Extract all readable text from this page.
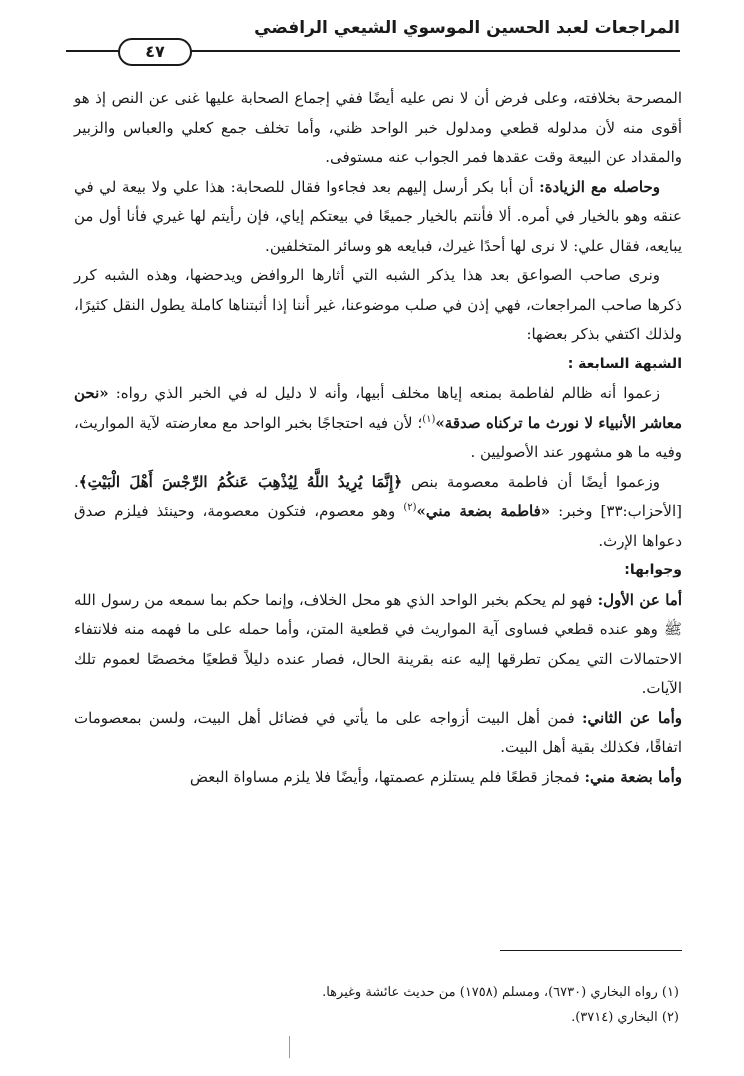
المراجعات لعبد الحسين الموسوي الشيعي الرافضي
٤٧

المصرحة بخلافته، وعلى فرض أن لا نص عليه أيضًا ففي إجماع الصحابة عليها غنى عن النص إذ هو أقوى منه لأن مدلوله قطعي ومدلول خبر الواحد ظني، وأما تخلف جمع كعلي والعباس والزبير والمقداد عن البيعة وقت عقدها فمر الجواب عنه مستوفى.

وحاصله مع الزيادة: أن أبا بكر أرسل إليهم بعد فجاءوا فقال للصحابة: هذا علي ولا بيعة لي في عنقه وهو بالخيار في أمره. ألا فأنتم بالخيار جميعًا في بيعتكم إياي، فإن رأيتم لها غيري فأنا أول من يبايعه، فقال علي: لا نرى لها أحدًا غيرك، فبايعه هو وسائر المتخلفين.

ونرى صاحب الصواعق بعد هذا يذكر الشبه التي أثارها الروافض ويدحضها، وهذه الشبه كرر ذكرها صاحب المراجعات، فهي إذن في صلب موضوعنا، غير أننا إذا أثبتناها كاملة يطول النقل كثيرًا، ولذلك اكتفي بذكر بعضها:

الشبهة السابعة :

زعموا أنه ظالم لفاطمة بمنعه إياها مخلف أبيها، وأنه لا دليل له في الخبر الذي رواه: «نحن معاشر الأنبياء لا نورث ما تركناه صدقة»$^{(١)}$؛ لأن فيه احتجاجًا بخبر الواحد مع معارضته لآية المواريث، وفيه ما هو مشهور عند الأصوليين .

وزعموا أيضًا أن فاطمة معصومة بنص ﴿إِنَّمَا يُرِيدُ اللَّهُ لِيُذْهِبَ عَنكُمُ الرِّجْسَ أَهْلَ الْبَيْتِ﴾. [الأحزاب:٣٣] وخبر: «فاطمة بضعة مني»$^{(٢)}$ وهو معصوم، فتكون معصومة، وحينئذ فيلزم صدق دعواها الإرث.

وجوابها:

أما عن الأول: فهو لم يحكم بخبر الواحد الذي هو محل الخلاف، وإنما حكم بما سمعه من رسول الله ﷺ وهو عنده قطعي فساوى آية المواريث في قطعية المتن، وأما حمله على ما فهمه منه فلانتفاء الاحتمالات التي يمكن تطرقها إليه عنه بقرينة الحال، فصار عنده دليلاً قطعيًا مخصصًا لعموم تلك الآيات.

وأما عن الثاني: فمن أهل البيت أزواجه على ما يأتي في فضائل أهل البيت، ولسن بمعصومات اتفاقًا، فكذلك بقية أهل البيت.

وأما بضعة مني: فمجاز قطعًا فلم يستلزم عصمتها، وأيضًا فلا يلزم مساواة البعض

(١) رواه البخاري (٦٧٣٠)، ومسلم (١٧٥٨) من حديث عائشة وغيرها.

(٢) البخاري (٣٧١٤).
